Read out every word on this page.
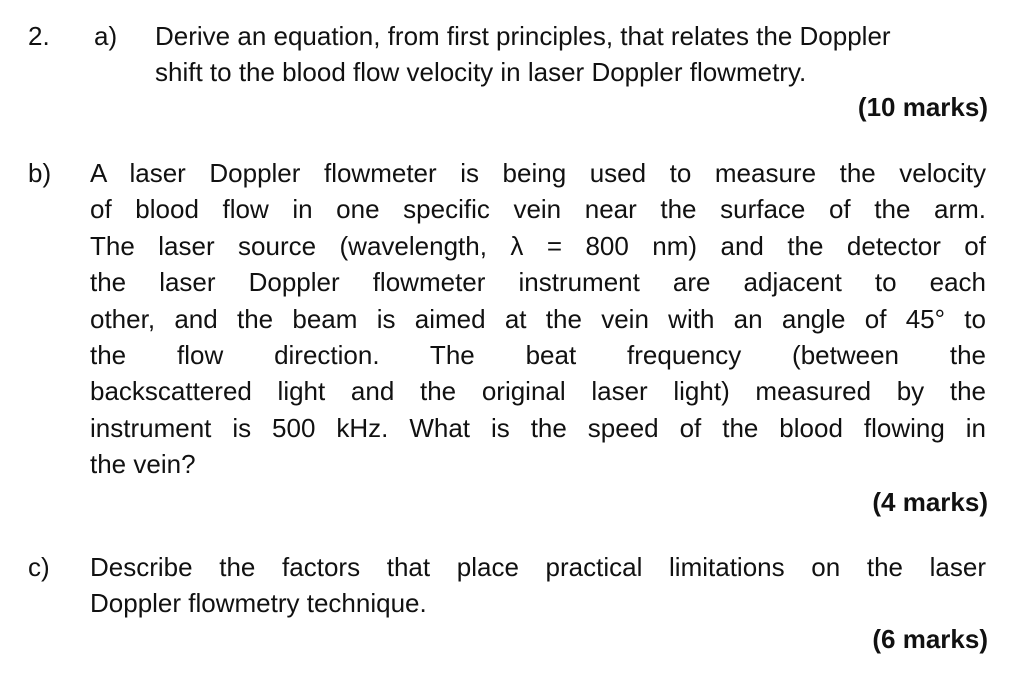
2. a) Derive an equation, from first principles, that relates the Doppler
shift to the blood flow velocity in laser Doppler flowmetry.
(10 marks)
b) A laser Doppler flowmeter is being used to measure the velocity
of blood flow in one specific vein near the surface of the arm.
The laser source (wavelength, λ = 800 nm) and the detector of
the laser Doppler flowmeter instrument are adjacent to each
other, and the beam is aimed at the vein with an angle of 45° to
the flow direction. The beat frequency (between the
backscattered light and the original laser light) measured by the
instrument is 500 kHz. What is the speed of the blood flowing in
the vein?
(4 marks)
c) Describe the factors that place practical limitations on the laser
Doppler flowmetry technique.
(6 marks)
